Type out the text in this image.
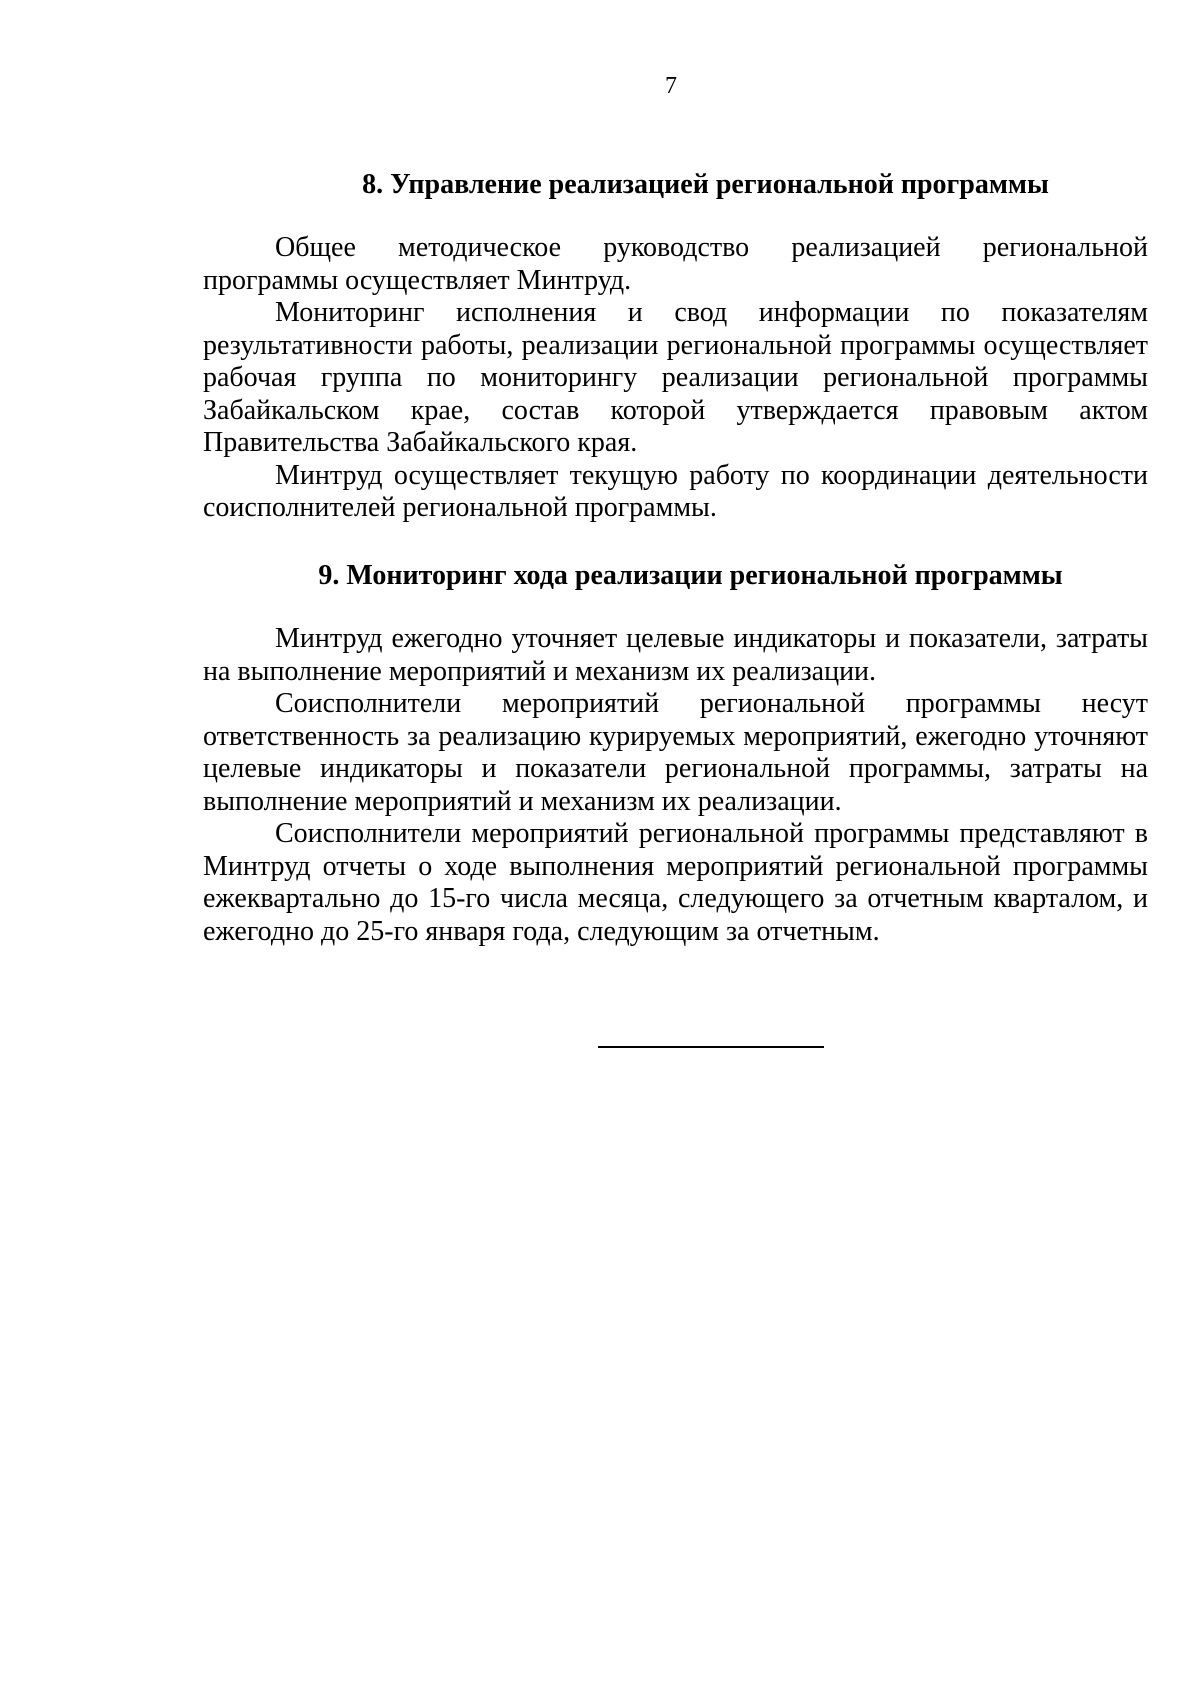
7
8. Управление реализацией региональной программы

Общее методическое руководство реализацией региональной программы осуществляет Минтруд.

Мониторинг исполнения и свод информации по показателям результативности работы, реализации региональной программы осуществляет рабочая группа по мониторингу реализации региональной программы Забайкальском крае, состав которой утверждается правовым актом Правительства Забайкальского края.

Минтруд осуществляет текущую работу по координации деятельности соисполнителей региональной программы.

9. Мониторинг хода реализации региональной программы

Минтруд ежегодно уточняет целевые индикаторы и показатели, затраты на выполнение мероприятий и механизм их реализации.

Соисполнители мероприятий региональной программы несут ответственность за реализацию курируемых мероприятий, ежегодно уточняют целевые индикаторы и показатели региональной программы, затраты на выполнение мероприятий и механизм их реализации.

Соисполнители мероприятий региональной программы представляют в Минтруд отчеты о ходе выполнения мероприятий региональной программы ежеквартально до 15-го числа месяца, следующего за отчетным кварталом, и ежегодно до 25-го января года, следующим за отчетным.
